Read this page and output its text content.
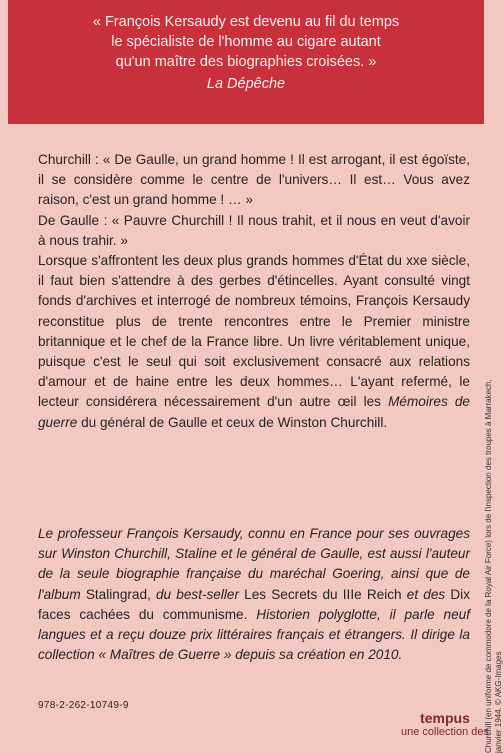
« François Kersaudy est devenu au fil du temps
le spécialiste de l'homme au cigare autant
qu'un maître des biographies croisées. »
La Dépêche

Churchill : « De Gaulle, un grand homme ! Il est arrogant, il est égoïste, il se considère comme le centre de l'univers… Il est… Vous avez raison, c'est un grand homme ! … »

De Gaulle : « Pauvre Churchill ! Il nous trahit, et il nous en veut d'avoir à nous trahir. »

Lorsque s'affrontent les deux plus grands hommes d'État du xxe siècle, il faut bien s'attendre à des gerbes d'étincelles. Ayant consulté vingt fonds d'archives et interrogé de nombreux témoins, François Kersaudy reconstitue plus de trente rencontres entre le Premier ministre britannique et le chef de la France libre. Un livre véritablement unique, puisque c'est le seul qui soit exclusivement consacré aux relations d'amour et de haine entre les deux hommes… L'ayant refermé, le lecteur considérera nécessairement d'un autre œil les Mémoires de guerre du général de Gaulle et ceux de Winston Churchill.

Le professeur François Kersaudy, connu en France pour ses ouvrages sur Winston Churchill, Staline et le général de Gaulle, est aussi l'auteur de la seule biographie française du maréchal Goering, ainsi que de l'album Stalingrad, du best-seller Les Secrets du IIIe Reich et des Dix faces cachées du communisme. Historien polyglotte, il parle neuf langues et a reçu douze prix littéraires français et étrangers. Il dirige la collection « Maîtres de Guerre » depuis sa création en 2010.

978-2-262-10749-9
tempus
une collection des
Churchill (en uniforme de commodore de la Royal Air Force) lors de l'inspection des troupes à Marrakech, janvier 1944. © AKG-Images
